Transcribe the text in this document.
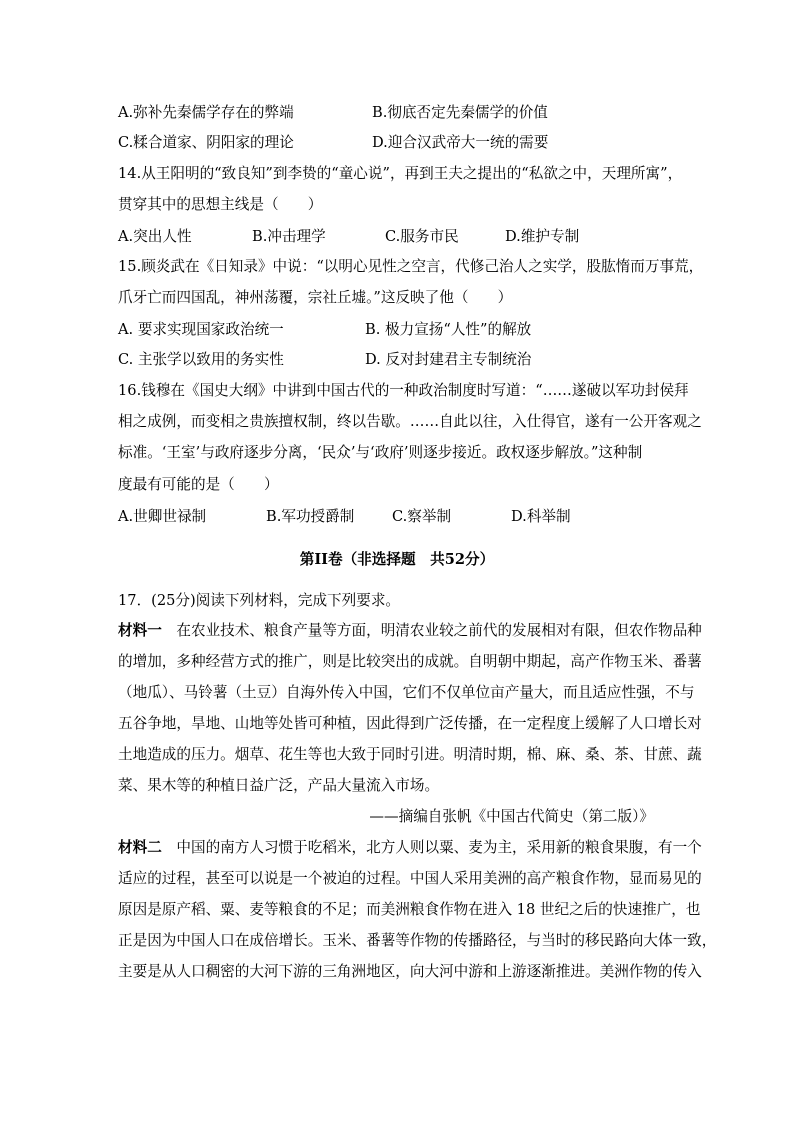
A.弥补先秦儒学存在的弊端	B.彻底否定先秦儒学的价值
C.糅合道家、阴阳家的理论	D.迎合汉武帝大一统的需要
14.从王阳明的“致良知”到李贽的“童心说”，再到王夫之提出的“私欲之中，天理所寓”，
贯穿其中的思想主线是（　　）
A.突出人性	B.冲击理学	C.服务市民	D.维护专制
15.顾炎武在《日知录》中说：“以明心见性之空言，代修己治人之实学，股肱惰而万事荒，
爪牙亡而四国乱，神州荡覆，宗社丘墟。”这反映了他（　　）
A. 要求实现国家政治统一	B. 极力宣扬“人性”的解放
C. 主张学以致用的务实性	D. 反对封建君主专制统治
16.钱穆在《国史大纲》中讲到中国古代的一种政治制度时写道：“……遂破以军功封侯拜
相之成例，而变相之贵族擅权制，终以告歇。……自此以往，入仕得官，遂有一公开客观之
标准。‘王室’与政府逐步分离，‘民众’与‘政府’则逐步接近。政权逐步解放。”这种制
度最有可能的是（　　）
A.世卿世禄制	B.军功授爵制	C.察举制	D.科举制
第II卷（非选择题　共52分）
17．(25分)阅读下列材料，完成下列要求。
材料一　在农业技术、粮食产量等方面，明清农业较之前代的发展相对有限，但农作物品种
的增加，多种经营方式的推广，则是比较突出的成就。自明朝中期起，高产作物玉米、番薯
（地瓜）、马铃薯（土豆）自海外传入中国，它们不仅单位亩产量大，而且适应性强，不与
五谷争地，旱地、山地等处皆可种植，因此得到广泛传播，在一定程度上缓解了人口增长对
土地造成的压力。烟草、花生等也大致于同时引进。明清时期，棉、麻、桑、茶、甘蔗、蔬
菜、果木等的种植日益广泛，产品大量流入市场。
——摘编自张帆《中国古代简史（第二版）》
材料二　中国的南方人习惯于吃稻米，北方人则以粟、麦为主，采用新的粮食果腹，有一个
适应的过程，甚至可以说是一个被迫的过程。中国人采用美洲的高产粮食作物，显而易见的
原因是原产稻、粟、麦等粮食的不足；而美洲粮食作物在进入 18 世纪之后的快速推广，也
正是因为中国人口在成倍增长。玉米、番薯等作物的传播路径，与当时的移民路向大体一致，
主要是从人口稠密的大河下游的三角洲地区，向大河中游和上游逐渐推进。美洲作物的传入
